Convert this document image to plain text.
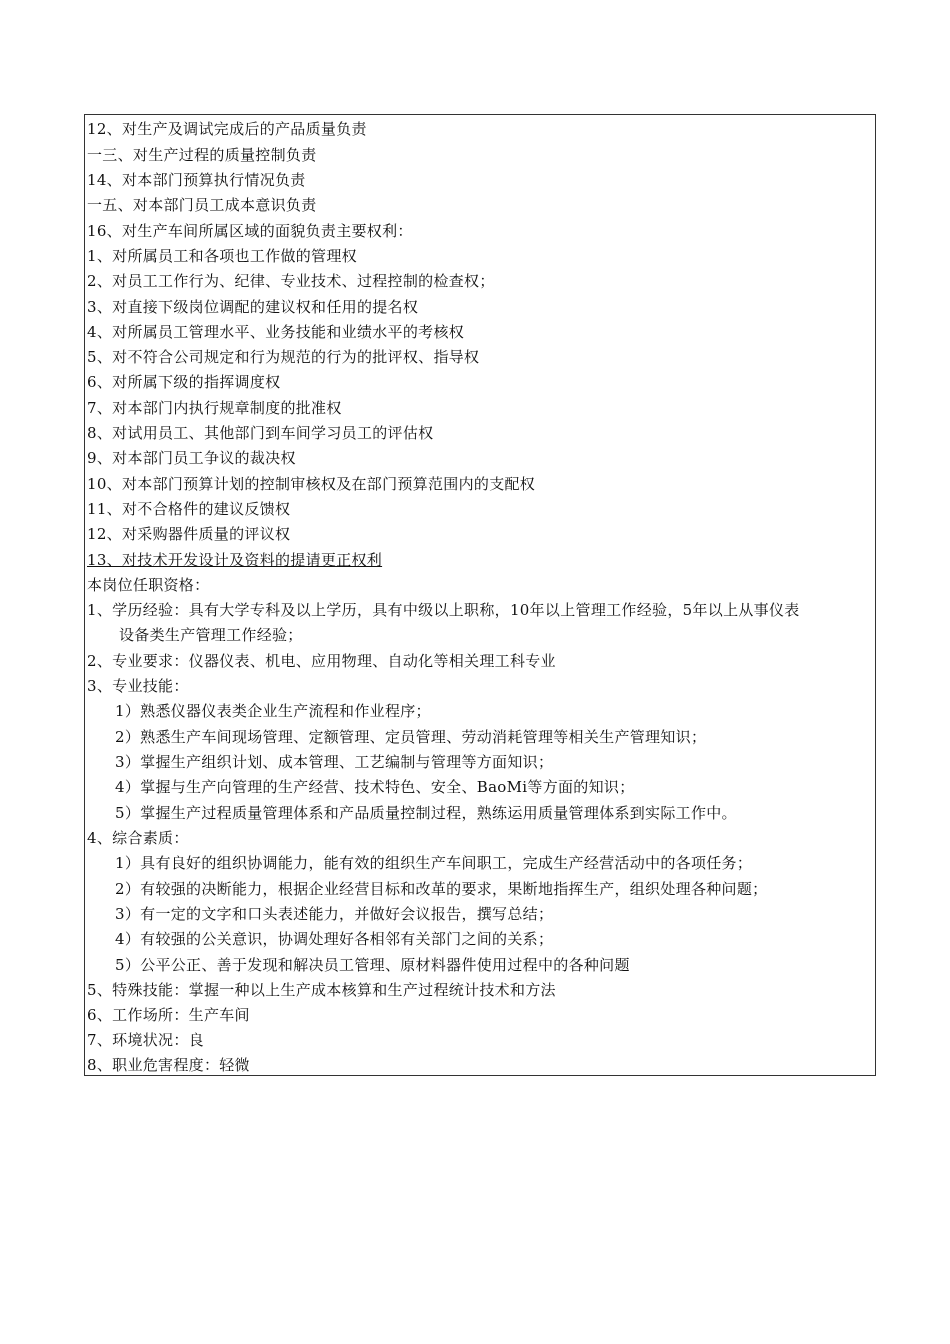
12、对生产及调试完成后的产品质量负责
一三、对生产过程的质量控制负责
14、对本部门预算执行情况负责
一五、对本部门员工成本意识负责
16、对生产车间所属区域的面貌负责主要权利：
1、对所属员工和各项也工作做的管理权
2、对员工工作行为、纪律、专业技术、过程控制的检查权；
3、对直接下级岗位调配的建议权和任用的提名权
4、对所属员工管理水平、业务技能和业绩水平的考核权
5、对不符合公司规定和行为规范的行为的批评权、指导权
6、对所属下级的指挥调度权
7、对本部门内执行规章制度的批准权
8、对试用员工、其他部门到车间学习员工的评估权
9、对本部门员工争议的裁决权
10、对本部门预算计划的控制审核权及在部门预算范围内的支配权
11、对不合格件的建议反馈权
12、对采购器件质量的评议权
13、对技术开发设计及资料的提请更正权利
本岗位任职资格：
1、学历经验：具有大学专科及以上学历，具有中级以上职称，10年以上管理工作经验，5年以上从事仪表
设备类生产管理工作经验；
2、专业要求：仪器仪表、机电、应用物理、自动化等相关理工科专业
3、专业技能：
1）熟悉仪器仪表类企业生产流程和作业程序；
2）熟悉生产车间现场管理、定额管理、定员管理、劳动消耗管理等相关生产管理知识；
3）掌握生产组织计划、成本管理、工艺编制与管理等方面知识；
4）掌握与生产向管理的生产经营、技术特色、安全、BaoMi等方面的知识；
5）掌握生产过程质量管理体系和产品质量控制过程，熟练运用质量管理体系到实际工作中。
4、综合素质：
1）具有良好的组织协调能力，能有效的组织生产车间职工，完成生产经营活动中的各项任务；
2）有较强的决断能力，根据企业经营目标和改革的要求，果断地指挥生产，组织处理各种问题；
3）有一定的文字和口头表述能力，并做好会议报告，撰写总结；
4）有较强的公关意识，协调处理好各相邻有关部门之间的关系；
5）公平公正、善于发现和解决员工管理、原材料器件使用过程中的各种问题
5、特殊技能：掌握一种以上生产成本核算和生产过程统计技术和方法
6、工作场所：生产车间
7、环境状况：良
8、职业危害程度：轻微
